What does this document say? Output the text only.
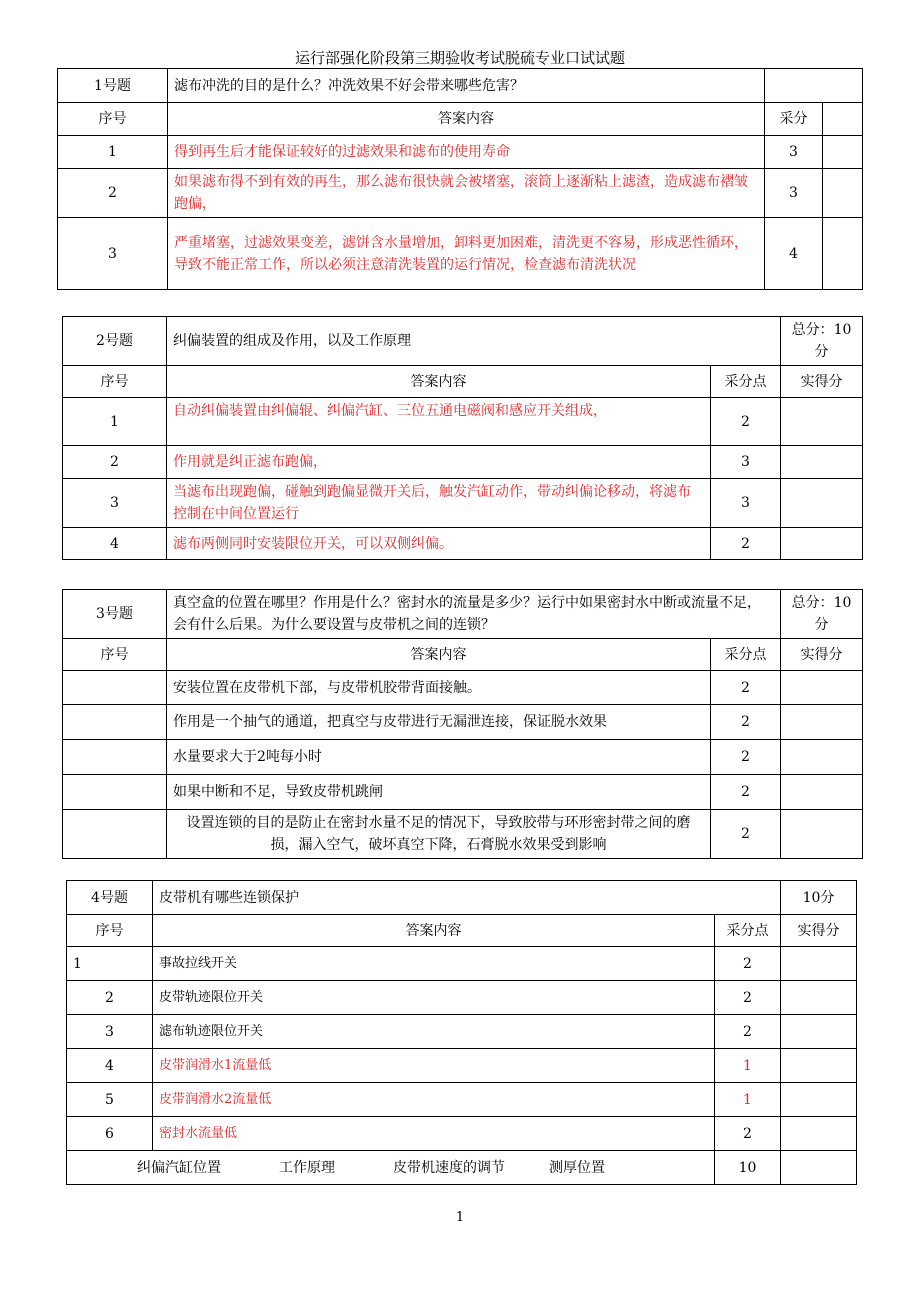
运行部强化阶段第三期验收考试脱硫专业口试试题
1号题	滤布冲洗的目的是什么？冲洗效果不好会带来哪些危害？		
序号	答案内容	采分	
1	得到再生后才能保证较好的过滤效果和滤布的使用寿命	3	
2	如果滤布得不到有效的再生，那么滤布很快就会被堵塞，滚筒上逐渐粘上滤渣，造成滤布褶皱跑偏，	3	
3	严重堵塞，过滤效果变差，滤饼含水量增加，卸料更加困难，清洗更不容易，形成恶性循环，导致不能正常工作，所以必须注意清洗装置的运行情况，检查滤布清洗状况	4	
2号题	纠偏装置的组成及作用，以及工作原理		总分：10分
序号	答案内容	采分点	实得分
1	自动纠偏装置由纠偏辊、纠偏汽缸、三位五通电磁阀和感应开关组成，	2	
2	作用就是纠正滤布跑偏，	3	
3	当滤布出现跑偏，碰触到跑偏显微开关后，触发汽缸动作，带动纠偏论移动，将滤布控制在中间位置运行	3	
4	滤布两侧同时安装限位开关，可以双侧纠偏。	2	
3号题	真空盒的位置在哪里？作用是什么？密封水的流量是多少？运行中如果密封水中断或流量不足，会有什么后果。为什么要设置与皮带机之间的连锁？		总分：10分
序号	答案内容	采分点	实得分
	安装位置在皮带机下部，与皮带机胶带背面接触。	2	
	作用是一个抽气的通道，把真空与皮带进行无漏泄连接，保证脱水效果	2	
	水量要求大于2吨每小时	2	
	如果中断和不足，导致皮带机跳闸	2	
	设置连锁的目的是防止在密封水量不足的情况下，导致胶带与环形密封带之间的磨损，漏入空气，破坏真空下降，石膏脱水效果受到影响	2	
4号题	皮带机有哪些连锁保护		10分
序号	答案内容	采分点	实得分
1	事故拉线开关	2	
2	皮带轨迹限位开关	2	
3	滤布轨迹限位开关	2	
4	皮带润滑水1流量低	1	
5	皮带润滑水2流量低	1	
6	密封水流量低	2	
纠偏汽缸位置 工作原理 皮带机速度的调节 测厚位置		10	
1
